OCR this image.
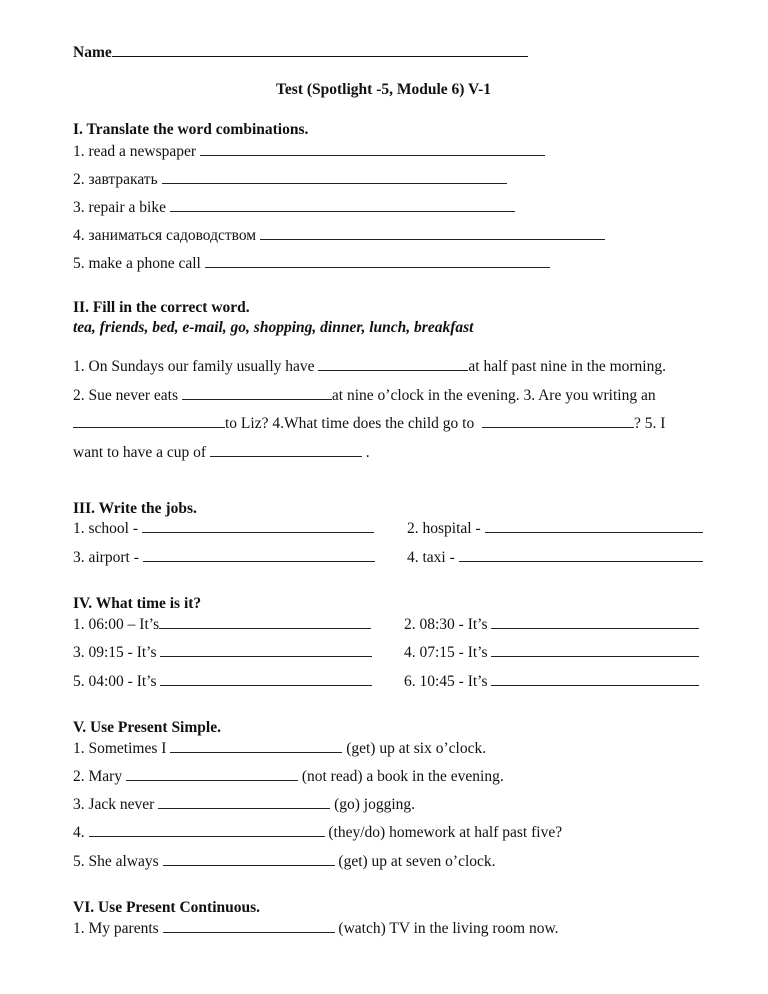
Name
Test (Spotlight -5, Module 6) V-1
I. Translate the word combinations.
1. read a newspaper
2. завтракать
3. repair a bike
4. заниматься садоводством
5. make a phone call
II. Fill in the correct word.
tea, friends, bed, e-mail, go, shopping, dinner, lunch, breakfast
1. On Sundays our family usually have	at half past nine in the morning.
2. Sue never eats	at nine o’clock in the evening. 3. Are you writing an
to Liz? 4.What time does the child go to	? 5. I
want to have a cup of	.
III. Write the jobs.
1. school -	2. hospital -
3. airport -	4. taxi -
IV. What time is it?
1. 06:00 – It’s	2. 08:30 - It’s
3. 09:15 - It’s	4. 07:15 - It’s
5. 04:00 - It’s	6. 10:45 - It’s
V. Use Present Simple.
1. Sometimes I	(get) up at six o’clock.
2. Mary	(not read) a book in the evening.
3. Jack never	(go) jogging.
4.	(they/do) homework at half past five?
5. She always	(get) up at seven o’clock.
VI. Use Present Continuous.
1. My parents	(watch) TV in the living room now.
